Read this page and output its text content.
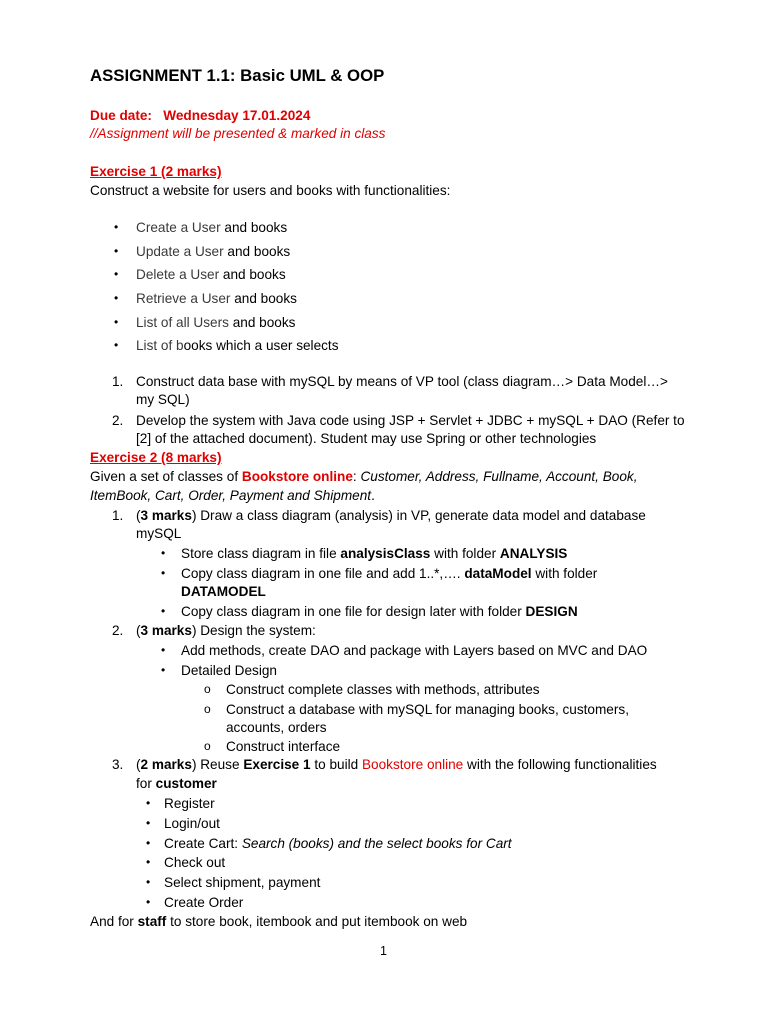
ASSIGNMENT 1.1: Basic UML & OOP
Due date: Wednesday 17.01.2024
//Assignment will be presented & marked in class
Exercise 1 (2 marks)
Construct a website for users and books with functionalities:
• Create a User and books
• Update a User and books
• Delete a User and books
• Retrieve a User and books
• List of all Users and books
• List of books which a user selects
1. Construct data base with mySQL by means of VP tool (class diagram…> Data Model…>
my SQL)
2. Develop the system with Java code using JSP + Servlet + JDBC + mySQL + DAO (Refer to
[2] of the attached document). Student may use Spring or other technologies
Exercise 2 (8 marks)
Given a set of classes of Bookstore online: Customer, Address, Fullname, Account, Book,
ItemBook, Cart, Order, Payment and Shipment.
1. (3 marks) Draw a class diagram (analysis) in VP, generate data model and database
mySQL
• Store class diagram in file analysisClass with folder ANALYSIS
• Copy class diagram in one file and add 1..*,…. dataModel with folder
DATAMODEL
• Copy class diagram in one file for design later with folder DESIGN
2. (3 marks) Design the system:
• Add methods, create DAO and package with Layers based on MVC and DAO
• Detailed Design
o Construct complete classes with methods, attributes
o Construct a database with mySQL for managing books, customers,
accounts, orders
o Construct interface
3. (2 marks) Reuse Exercise 1 to build Bookstore online with the following functionalities
for customer
• Register
• Login/out
• Create Cart: Search (books) and the select books for Cart
• Check out
• Select shipment, payment
• Create Order
And for staff to store book, itembook and put itembook on web
1
